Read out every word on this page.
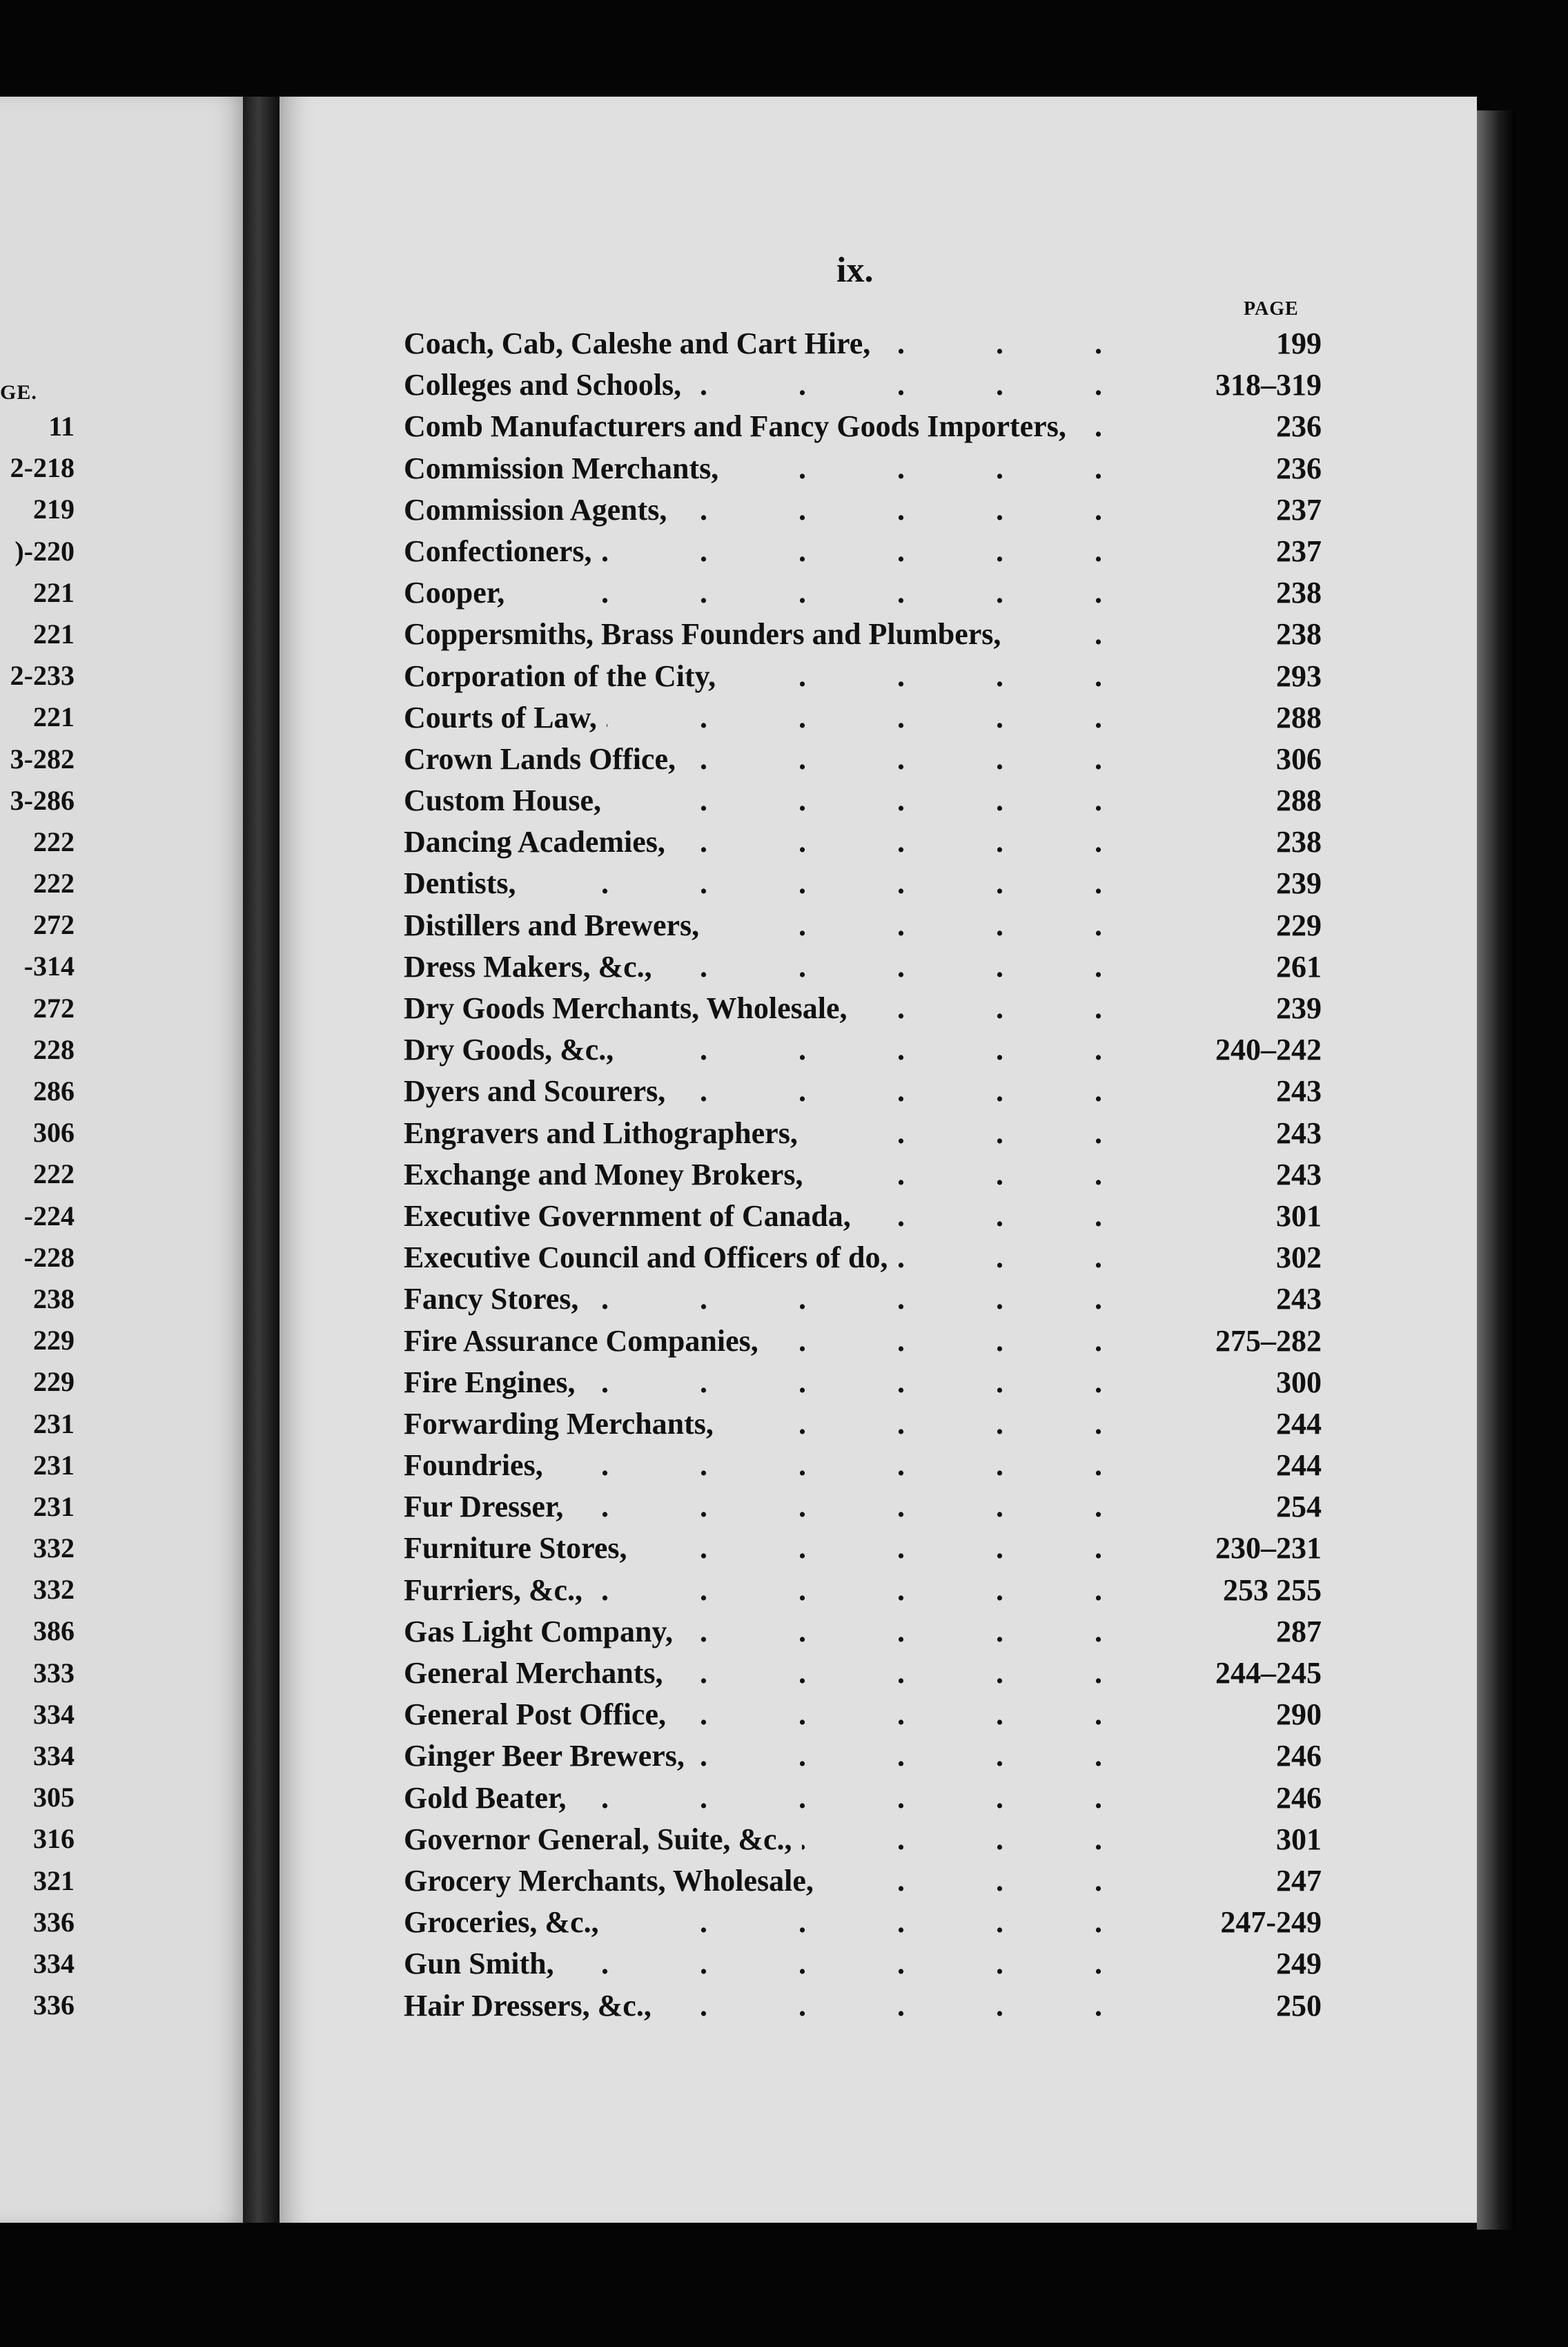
GE.
11
2-218
219
)-220
221
221
2-233
221
3-282
3-286
222
222
272
-314
272
228
286
306
222
-224
-228
238
229
229
231
231
231
332
332
386
333
334
334
305
316
321
336
334
336
ix.
PAGE
.
Coach, Cab, Caleshe and Cart Hire,	199
.
Colleges and Schools,	318–319
.
Comb Manufacturers and Fancy Goods Importers,	236
.
Commission Merchants,	236
.
Commission Agents,	237
.
Confectioners,	237
.
Cooper,	238
.
Coppersmiths, Brass Founders and Plumbers,	238
.
Corporation of the City,	293
.
Courts of Law,	288
.
Crown Lands Office,	306
.
Custom House,	288
.
Dancing Academies,	238
.
Dentists,	239
.
Distillers and Brewers,	229
.
Dress Makers, &c.,	261
.
Dry Goods Merchants, Wholesale,	239
.
Dry Goods, &c.,	240–242
.
Dyers and Scourers,	243
.
Engravers and Lithographers,	243
.
Exchange and Money Brokers,	243
.
Executive Government of Canada,	301
.
Executive Council and Officers of do,	302
.
Fancy Stores,	243
.
Fire Assurance Companies,	275–282
.
Fire Engines,	300
.
Forwarding Merchants,	244
.
Foundries,	244
.
Fur Dresser,	254
.
Furniture Stores,	230–231
.
Furriers, &c.,	253 255
.
Gas Light Company,	287
.
General Merchants,	244–245
.
General Post Office,	290
.
Ginger Beer Brewers,	246
.
Gold Beater,	246
.
Governor General, Suite, &c.,	301
.
Grocery Merchants, Wholesale,	247
.
Groceries, &c.,	247-249
.
Gun Smith,	249
.
Hair Dressers, &c.,	250
